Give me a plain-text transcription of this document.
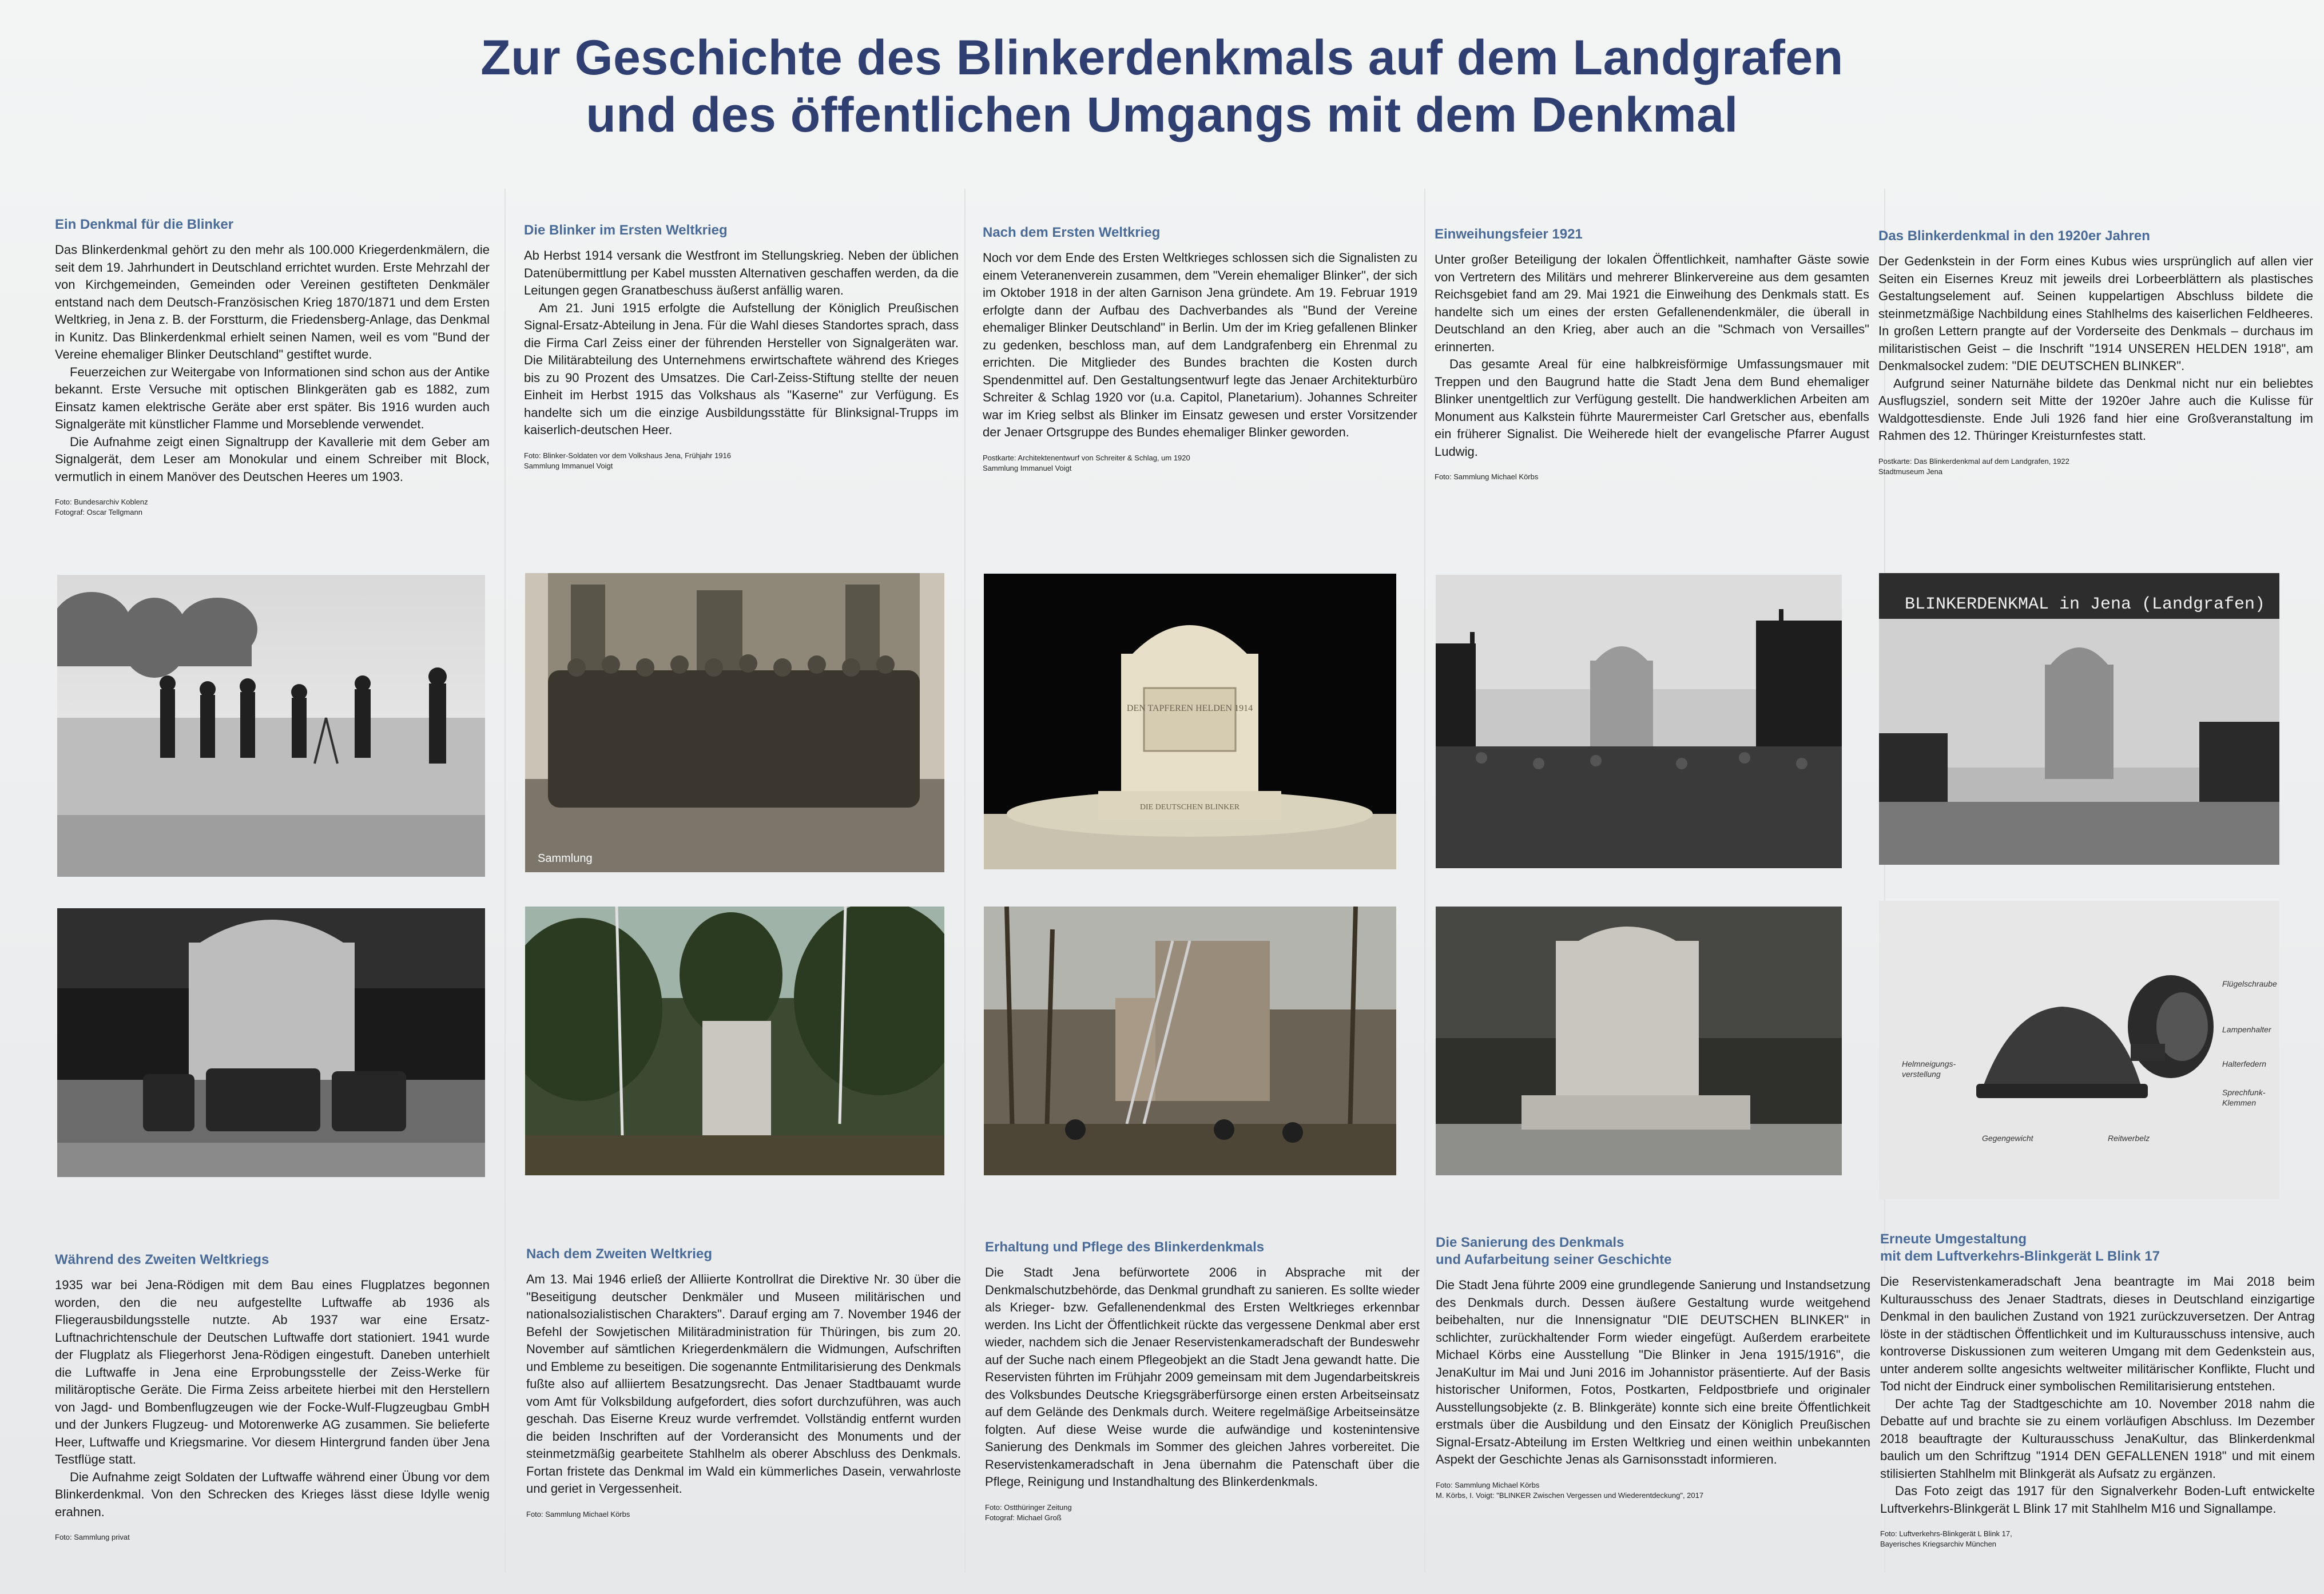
Zur Geschichte des Blinkerdenkmals auf dem Landgrafen
und des öffentlichen Umgangs mit dem Denkmal
Ein Denkmal für die Blinker

Das Blinkerdenkmal gehört zu den mehr als 100.000 Kriegerdenkmälern, die seit dem 19. Jahrhundert in Deutschland errichtet wurden. Erste Mehrzahl der von Kirchgemeinden, Gemeinden oder Vereinen gestifteten Denkmäler entstand nach dem Deutsch-Französischen Krieg 1870/1871 und dem Ersten Weltkrieg, in Jena z. B. der Forstturm, die Friedensberg-Anlage, das Denkmal in Kunitz. Das Blinkerdenkmal erhielt seinen Namen, weil es vom "Bund der Vereine ehemaliger Blinker Deutschland" gestiftet wurde.

Feuerzeichen zur Weitergabe von Informationen sind schon aus der Antike bekannt. Erste Versuche mit optischen Blinkgeräten gab es 1882, zum Einsatz kamen elektrische Geräte aber erst später. Bis 1916 wurden auch Signalgeräte mit künstlicher Flamme und Morseblende verwendet.

Die Aufnahme zeigt einen Signaltrupp der Kavallerie mit dem Geber am Signalgerät, dem Leser am Monokular und einem Schreiber mit Block, vermutlich in einem Manöver des Deutschen Heeres um 1903.

Foto: Bundesarchiv Koblenz
Fotograf: Oscar Tellgmann
Die Blinker im Ersten Weltkrieg

Ab Herbst 1914 versank die Westfront im Stellungskrieg. Neben der üblichen Datenübermittlung per Kabel mussten Alternativen geschaffen werden, da die Leitungen gegen Granatbeschuss äußerst anfällig waren.

Am 21. Juni 1915 erfolgte die Aufstellung der Königlich Preußischen Signal-Ersatz-Abteilung in Jena. Für die Wahl dieses Standortes sprach, dass die Firma Carl Zeiss einer der führenden Hersteller von Signalgeräten war. Die Militärabteilung des Unternehmens erwirtschaftete während des Krieges bis zu 90 Prozent des Umsatzes. Die Carl-Zeiss-Stiftung stellte der neuen Einheit im Herbst 1915 das Volkshaus als "Kaserne" zur Verfügung. Es handelte sich um die einzige Ausbildungsstätte für Blinksignal-Trupps im kaiserlich-deutschen Heer.

Foto: Blinker-Soldaten vor dem Volkshaus Jena, Frühjahr 1916
Sammlung Immanuel Voigt
Nach dem Ersten Weltkrieg

Noch vor dem Ende des Ersten Weltkrieges schlossen sich die Signalisten zu einem Veteranenverein zusammen, dem "Verein ehemaliger Blinker", der sich im Oktober 1918 in der alten Garnison Jena gründete. Am 19. Februar 1919 erfolgte dann der Aufbau des Dachverbandes als "Bund der Vereine ehemaliger Blinker Deutschland" in Berlin. Um der im Krieg gefallenen Blinker zu gedenken, beschloss man, auf dem Landgrafenberg ein Ehrenmal zu errichten. Die Mitglieder des Bundes brachten die Kosten durch Spendenmittel auf. Den Gestaltungsentwurf legte das Jenaer Architekturbüro Schreiter & Schlag 1920 vor (u.a. Capitol, Planetarium). Johannes Schreiter war im Krieg selbst als Blinker im Einsatz gewesen und erster Vorsitzender der Jenaer Ortsgruppe des Bundes ehemaliger Blinker geworden.

Postkarte: Architektenentwurf von Schreiter & Schlag, um 1920
Sammlung Immanuel Voigt
Einweihungsfeier 1921

Unter großer Beteiligung der lokalen Öffentlichkeit, namhafter Gäste sowie von Vertretern des Militärs und mehrerer Blinkervereine aus dem gesamten Reichsgebiet fand am 29. Mai 1921 die Einweihung des Denkmals statt. Es handelte sich um eines der ersten Gefallenendenkmäler, die überall in Deutschland an den Krieg, aber auch an die "Schmach von Versailles" erinnerten.

Das gesamte Areal für eine halbkreisförmige Umfassungsmauer mit Treppen und den Baugrund hatte die Stadt Jena dem Bund ehemaliger Blinker unentgeltlich zur Verfügung gestellt. Die handwerklichen Arbeiten am Monument aus Kalkstein führte Maurermeister Carl Gretscher aus, ebenfalls ein früherer Signalist. Die Weiherede hielt der evangelische Pfarrer August Ludwig.

Foto: Sammlung Michael Körbs
Das Blinkerdenkmal in den 1920er Jahren

Der Gedenkstein in der Form eines Kubus wies ursprünglich auf allen vier Seiten ein Eisernes Kreuz mit jeweils drei Lorbeerblättern als plastisches Gestaltungselement auf. Seinen kuppelartigen Abschluss bildete die steinmetzmäßige Nachbildung eines Stahlhelms des kaiserlichen Feldheeres. In großen Lettern prangte auf der Vorderseite des Denkmals – durchaus im militaristischen Geist – die Inschrift "1914 UNSEREN HELDEN 1918", am Denkmalsockel zudem: "DIE DEUTSCHEN BLINKER".

Aufgrund seiner Naturnähe bildete das Denkmal nicht nur ein beliebtes Ausflugsziel, sondern seit Mitte der 1920er Jahre auch die Kulisse für Waldgottesdienste. Ende Juli 1926 fand hier eine Großveranstaltung im Rahmen des 12. Thüringer Kreisturnfestes statt.

Postkarte: Das Blinkerdenkmal auf dem Landgrafen, 1922
Stadtmuseum Jena
Sammlung
DEN TAPFEREN HELDEN 1914
DIE DEUTSCHEN BLINKER
BLINKERDENKMAL in Jena (Landgrafen)
Helmneigungs-
verstellung
Flügelschraube
Lampenhalter
Halterfedern
Sprechfunk-
Klemmen
Gegengewicht	Reitwerbelz
Während des Zweiten Weltkriegs

1935 war bei Jena-Rödigen mit dem Bau eines Flugplatzes begonnen worden, den die neu aufgestellte Luftwaffe ab 1936 als Fliegerausbildungsstelle nutzte. Ab 1937 war eine Ersatz-Luftnachrichtenschule der Deutschen Luftwaffe dort stationiert. 1941 wurde der Flugplatz als Fliegerhorst Jena-Rödigen eingestuft. Daneben unterhielt die Luftwaffe in Jena eine Erprobungsstelle der Zeiss-Werke für militäroptische Geräte. Die Firma Zeiss arbeitete hierbei mit den Herstellern von Jagd- und Bombenflugzeugen wie der Focke-Wulf-Flugzeugbau GmbH und der Junkers Flugzeug- und Motorenwerke AG zusammen. Sie belieferte Heer, Luftwaffe und Kriegsmarine. Vor diesem Hintergrund fanden über Jena Testflüge statt.

Die Aufnahme zeigt Soldaten der Luftwaffe während einer Übung vor dem Blinkerdenkmal. Von den Schrecken des Krieges lässt diese Idylle wenig erahnen.

Foto: Sammlung privat
Nach dem Zweiten Weltkrieg

Am 13. Mai 1946 erließ der Alliierte Kontrollrat die Direktive Nr. 30 über die "Beseitigung deutscher Denkmäler und Museen militärischen und nationalsozialistischen Charakters". Darauf erging am 7. November 1946 der Befehl der Sowjetischen Militäradministration für Thüringen, bis zum 20. November auf sämtlichen Kriegerdenkmälern die Widmungen, Aufschriften und Embleme zu beseitigen. Die sogenannte Entmilitarisierung des Denkmals fußte also auf alliiertem Besatzungsrecht. Das Jenaer Stadtbauamt wurde vom Amt für Volksbildung aufgefordert, dies sofort durchzuführen, was auch geschah. Das Eiserne Kreuz wurde verfremdet. Vollständig entfernt wurden die beiden Inschriften auf der Vorderansicht des Monuments und der steinmetzmäßig gearbeitete Stahlhelm als oberer Abschluss des Denkmals. Fortan fristete das Denkmal im Wald ein kümmerliches Dasein, verwahrloste und geriet in Vergessenheit.

Foto: Sammlung Michael Körbs
Erhaltung und Pflege des Blinkerdenkmals

Die Stadt Jena befürwortete 2006 in Absprache mit der Denkmalschutzbehörde, das Denkmal grundhaft zu sanieren. Es sollte wieder als Krieger- bzw. Gefallenendenkmal des Ersten Weltkrieges erkennbar werden. Ins Licht der Öffentlichkeit rückte das vergessene Denkmal aber erst wieder, nachdem sich die Jenaer Reservistenkameradschaft der Bundeswehr auf der Suche nach einem Pflegeobjekt an die Stadt Jena gewandt hatte. Die Reservisten führten im Frühjahr 2009 gemeinsam mit dem Jugendarbeitskreis des Volksbundes Deutsche Kriegsgräberfürsorge einen ersten Arbeitseinsatz auf dem Gelände des Denkmals durch. Weitere regelmäßige Arbeitseinsätze folgten. Auf diese Weise wurde die aufwändige und kostenintensive Sanierung des Denkmals im Sommer des gleichen Jahres vorbereitet. Die Reservistenkameradschaft in Jena übernahm die Patenschaft über die Pflege, Reinigung und Instandhaltung des Blinkerdenkmals.

Foto: Ostthüringer Zeitung
Fotograf: Michael Groß
Die Sanierung des Denkmals
und Aufarbeitung seiner Geschichte

Die Stadt Jena führte 2009 eine grundlegende Sanierung und Instandsetzung des Denkmals durch. Dessen äußere Gestaltung wurde weitgehend beibehalten, nur die Innensignatur "DIE DEUTSCHEN BLINKER" in schlichter, zurückhaltender Form wieder eingefügt. Außerdem erarbeitete Michael Körbs eine Ausstellung "Die Blinker in Jena 1915/1916", die JenaKultur im Mai und Juni 2016 im Johannistor präsentierte. Auf der Basis historischer Uniformen, Fotos, Postkarten, Feldpostbriefe und originaler Ausstellungsobjekte (z. B. Blinkgeräte) konnte sich eine breite Öffentlichkeit erstmals über die Ausbildung und den Einsatz der Königlich Preußischen Signal-Ersatz-Abteilung im Ersten Weltkrieg und einen weithin unbekannten Aspekt der Geschichte Jenas als Garnisonsstadt informieren.

Foto: Sammlung Michael Körbs
M. Körbs, I. Voigt: "BLINKER Zwischen Vergessen und Wiederentdeckung", 2017
Erneute Umgestaltung
mit dem Luftverkehrs-Blinkgerät L Blink 17

Die Reservistenkameradschaft Jena beantragte im Mai 2018 beim Kulturausschuss des Jenaer Stadtrats, dieses in Deutschland einzigartige Denkmal in den baulichen Zustand von 1921 zurückzuversetzen. Der Antrag löste in der städtischen Öffentlichkeit und im Kulturausschuss intensive, auch kontroverse Diskussionen zum weiteren Umgang mit dem Gedenkstein aus, unter anderem sollte angesichts weltweiter militärischer Konflikte, Flucht und Tod nicht der Eindruck einer symbolischen Remilitarisierung entstehen.

Der achte Tag der Stadtgeschichte am 10. November 2018 nahm die Debatte auf und brachte sie zu einem vorläufigen Abschluss. Im Dezember 2018 beauftragte der Kulturausschuss JenaKultur, das Blinkerdenkmal baulich um den Schriftzug "1914 DEN GEFALLENEN 1918" und mit einem stilisierten Stahlhelm mit Blinkgerät als Aufsatz zu ergänzen.

Das Foto zeigt das 1917 für den Signalverkehr Boden-Luft entwickelte Luftverkehrs-Blinkgerät L Blink 17 mit Stahlhelm M16 und Signallampe.

Foto: Luftverkehrs-Blinkgerät L Blink 17,
Bayerisches Kriegsarchiv München
